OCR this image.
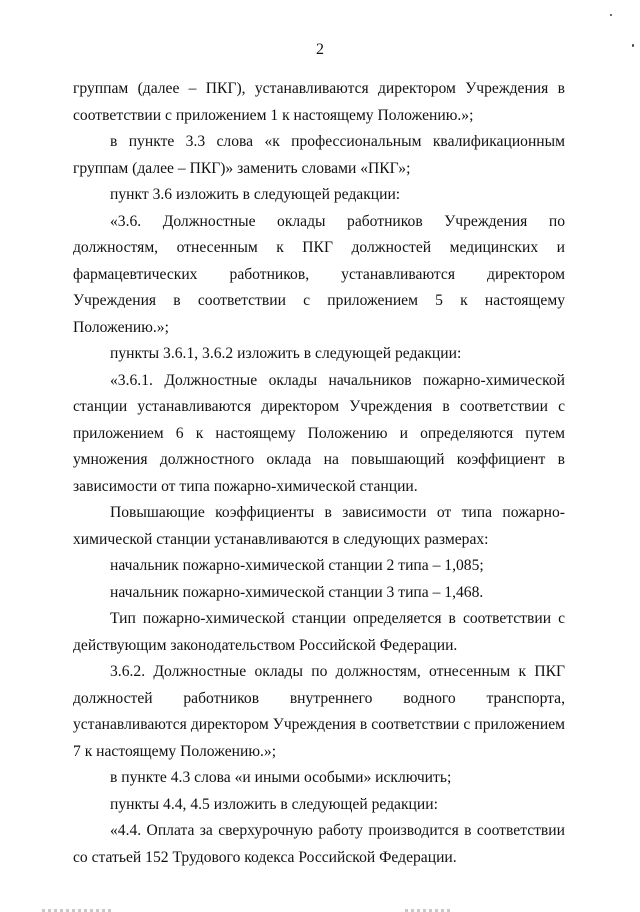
2

группам (далее – ПКГ), устанавливаются директором Учреждения в соответствии с приложением 1 к настоящему Положению.»;

в пункте 3.3 слова «к профессиональным квалификационным группам (далее – ПКГ)» заменить словами «ПКГ»;

пункт 3.6 изложить в следующей редакции:

«3.6. Должностные оклады работников Учреждения по должностям, отнесенным к ПКГ должностей медицинских и фармацевтических работников, устанавливаются директором Учреждения в соответствии с приложением 5 к настоящему Положению.»;

пункты 3.6.1, 3.6.2 изложить в следующей редакции:

«3.6.1. Должностные оклады начальников пожарно-химической станции устанавливаются директором Учреждения в соответствии с приложением 6 к настоящему Положению и определяются путем умножения должностного оклада на повышающий коэффициент в зависимости от типа пожарно-химической станции.

Повышающие коэффициенты в зависимости от типа пожарно-химической станции устанавливаются в следующих размерах:

начальник пожарно-химической станции 2 типа – 1,085;

начальник пожарно-химической станции 3 типа – 1,468.

Тип пожарно-химической станции определяется в соответствии с действующим законодательством Российской Федерации.

3.6.2. Должностные оклады по должностям, отнесенным к ПКГ должностей работников внутреннего водного транспорта, устанавливаются директором Учреждения в соответствии с приложением 7 к настоящему Положению.»;

в пункте 4.3 слова «и иными особыми» исключить;

пункты 4.4, 4.5 изложить в следующей редакции:

«4.4. Оплата за сверхурочную работу производится в соответствии со статьей 152 Трудового кодекса Российской Федерации.
